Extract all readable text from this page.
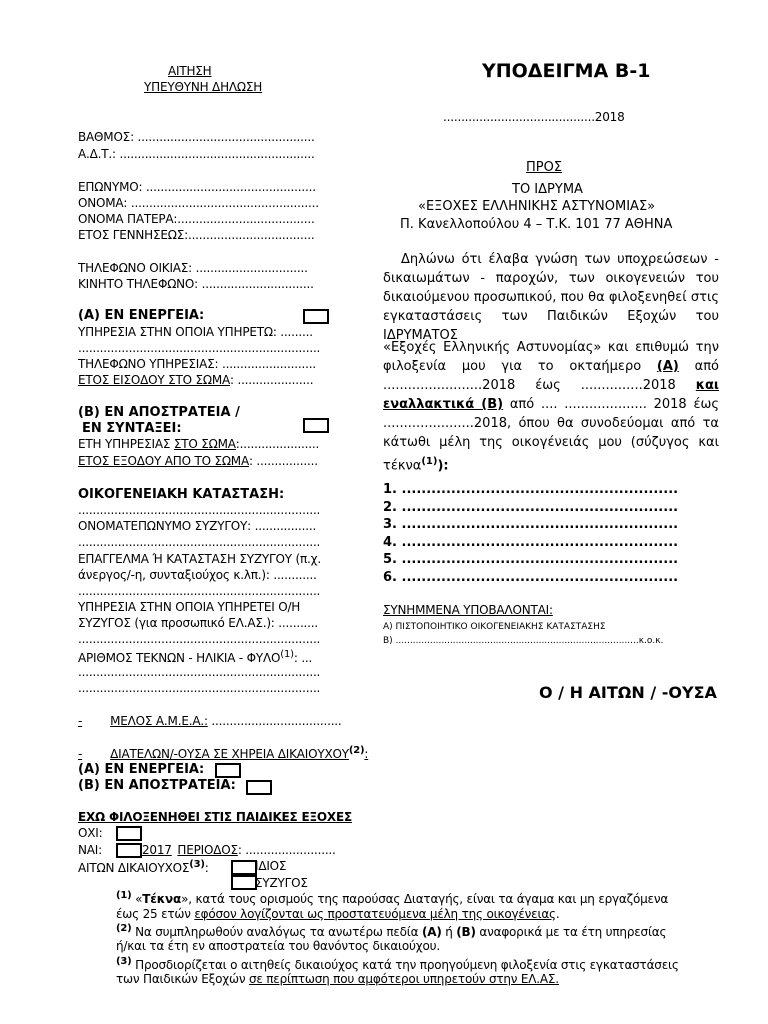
ΑΙΤΗΣΗ
ΥΠΕΥΘΥΝΗ ΔΗΛΩΣΗ
ΥΠΟΔΕΙΓΜΑ Β-1
..........................................2018
ΒΑΘΜΟΣ: .................................................
Α.Δ.Τ.: ......................................................
ΕΠΩΝΥΜΟ: ...............................................
ΟΝΟΜΑ: ....................................................
ΟΝΟΜΑ ΠΑΤΕΡΑ:......................................
ΕΤΟΣ ΓΕΝΝΗΣΕΩΣ:...................................
ΤΗΛΕΦΩΝΟ ΟΙΚΙΑΣ: ...............................
ΚΙΝΗΤΟ ΤΗΛΕΦΩΝΟ: ...............................
(Α) ΕΝ ΕΝΕΡΓΕΙΑ:
ΥΠΗΡΕΣΙΑ ΣΤΗΝ ΟΠΟΙΑ ΥΠΗΡΕΤΩ: .........
...................................................................
ΤΗΛΕΦΩΝΟ ΥΠΗΡΕΣΙΑΣ: ..........................
ΕΤΟΣ ΕΙΣΟΔΟΥ ΣΤΟ ΣΩΜΑ: .....................
(Β) ΕΝ ΑΠΟΣΤΡΑΤΕΙΑ /
ΕΝ ΣΥΝΤΑΞΕΙ:
ΕΤΗ ΥΠΗΡΕΣΙΑΣ ΣΤΟ ΣΩΜΑ:......................
ΕΤΟΣ ΕΞΟΔΟΥ ΑΠΟ ΤΟ ΣΩΜΑ: .................
ΟΙΚΟΓΕΝΕΙΑΚΗ ΚΑΤΑΣΤΑΣΗ:
...................................................................
ΟΝΟΜΑΤΕΠΩΝΥΜΟ ΣΥΖΥΓΟΥ: .................
...................................................................
ΕΠΑΓΓΕΛΜΑ Ή ΚΑΤΑΣΤΑΣΗ ΣΥΖΥΓΟΥ (π.χ.
άνεργος/-η, συνταξιούχος κ.λπ.): ............
...................................................................
ΥΠΗΡΕΣΙΑ ΣΤΗΝ ΟΠΟΙΑ ΥΠΗΡΕΤΕΙ Ο/Η
ΣΥΖΥΓΟΣ (για προσωπικό ΕΛ.ΑΣ.): ...........
...................................................................
ΑΡΙΘΜΟΣ ΤΕΚΝΩΝ - ΗΛΙΚΙΑ - ΦΥΛΟ$^{(1)}$: ...
...................................................................
...................................................................
- ΜΕΛΟΣ Α.Μ.Ε.Α.: ....................................
- ΔΙΑΤΕΛΩΝ/-ΟΥΣΑ ΣΕ ΧΗΡΕΙΑ ΔΙΚΑΙΟΥΧΟΥ$^{(2)}$:
(Α) ΕΝ ΕΝΕΡΓΕΙΑ:
(Β) ΕΝ ΑΠΟΣΤΡΑΤΕΙΑ:
ΕΧΩ ΦΙΛΟΞΕΝΗΘΕΙ ΣΤΙΣ ΠΑΙΔΙΚΕΣ ΕΞΟΧΕΣ
ΟΧΙ:
ΝΑΙ:	2017 ΠΕΡΙΟΔΟΣ: .........................
ΑΙΤΩΝ ΔΙΚΑΙΟΥΧΟΣ$^{(3)}$:	ΙΔΙΟΣ
ΣΥΖΥΓΟΣ
ΠΡΟΣ
ΤΟ ΙΔΡΥΜΑ
«ΕΞΟΧΕΣ ΕΛΛΗΝΙΚΗΣ ΑΣΤΥΝΟΜΙΑΣ»
Π. Κανελλοπούλου 4 – Τ.Κ. 101 77 ΑΘΗΝΑ
Δηλώνω ότι έλαβα γνώση των υποχρεώσεων - δικαιωμάτων - παροχών, των οικογενειών του δικαιούμενου προσωπικού, που θα φιλοξενηθεί στις εγκαταστάσεις των Παιδικών Εξοχών του ΙΔΡΥΜΑΤΟΣ
«Εξοχές Ελληνικής Αστυνομίας» και επιθυμώ την φιλοξενία μου για το οκταήμερο (Α) από ........................2018 έως ...............2018 και εναλλακτικά (Β) από .... .................... 2018 έως ......................2018, όπου θα συνοδεύομαι από τα κάτωθι μέλη της οικογένειάς μου (σύζυγος και τέκνα$^{(1)}$):
1. ........................................................
2. ........................................................
3. ........................................................
4. ........................................................
5. ........................................................
6. ........................................................
ΣΥΝΗΜΜΕΝΑ ΥΠΟΒΑΛΟΝΤΑΙ:
Α) ΠΙΣΤΟΠΟΙΗΤΙΚΟ ΟΙΚΟΓΕΝΕΙΑΚΗΣ ΚΑΤΑΣΤΑΣΗΣ
Β) .....................................................................................κ.ο.κ.
Ο / Η ΑΙΤΩΝ / -ΟΥΣΑ
$^{(1)}$ «Τέκνα», κατά τους ορισμούς της παρούσας Διαταγής, είναι τα άγαμα και μη εργαζόμενα
έως 25 ετών εφόσον λογίζονται ως προστατευόμενα μέλη της οικογένειας.
$^{(2)}$ Να συμπληρωθούν αναλόγως τα ανωτέρω πεδία (Α) ή (Β) αναφορικά με τα έτη υπηρεσίας
ή/και τα έτη εν αποστρατεία του θανόντος δικαιούχου.
$^{(3)}$ Προσδιορίζεται ο αιτηθείς δικαιούχος κατά την προηγούμενη φιλοξενία στις εγκαταστάσεις
των Παιδικών Εξοχών σε περίπτωση που αμφότεροι υπηρετούν στην ΕΛ.ΑΣ.
